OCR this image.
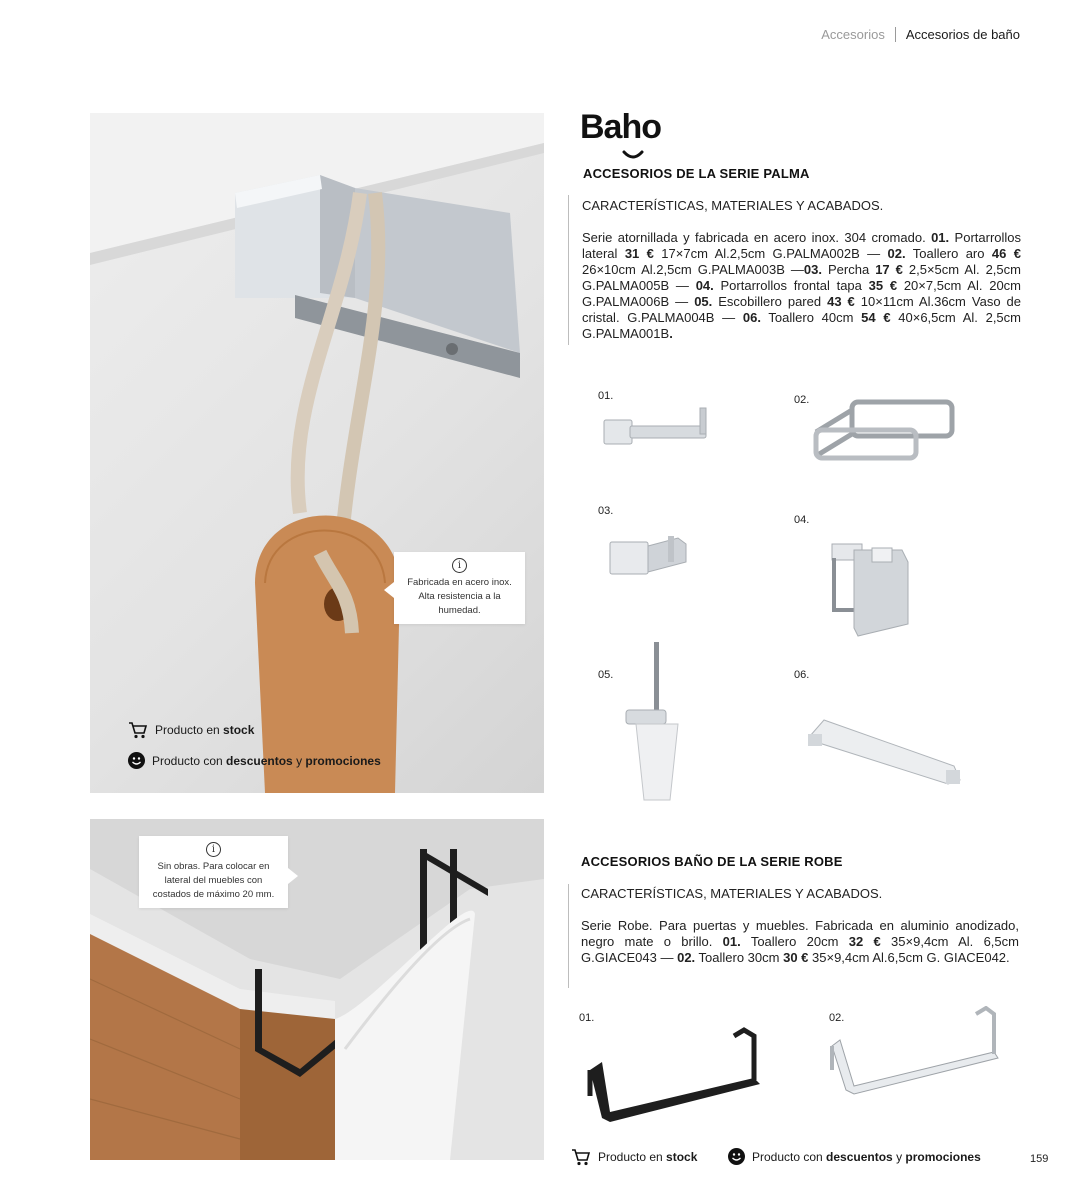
Accesorios Accesorios de baño
i
Fabricada en acero inox. Alta resistencia a la humedad.
Producto en stock
Producto con descuentos y promociones
i
Sin obras. Para colocar en lateral del muebles con costados de máximo 20 mm.
Baho
ACCESORIOS DE LA SERIE PALMA
CARACTERÍSTICAS, MATERIALES Y ACABADOS.
Serie atornillada y fabricada en acero inox. 304 cromado. 01. Portarrollos lateral 31 € 17×7cm Al.2,5cm G.PALMA002B — 02. Toallero aro 46 € 26×10cm Al.2,5cm G.PALMA003B —03. Percha 17 € 2,5×5cm Al. 2,5cm G.PALMA005B — 04. Portarrollos frontal tapa 35 € 20×7,5cm Al. 20cm G.PALMA006B — 05. Escobillero pared 43 € 10×11cm Al.36cm Vaso de cristal. G.PALMA004B — 06. Toallero 40cm 54 € 40×6,5cm Al. 2,5cm G.PALMA001B.
01.	02.
03.
04.
05.	06.
ACCESORIOS BAÑO DE LA SERIE ROBE
CARACTERÍSTICAS, MATERIALES Y ACABADOS.
Serie Robe. Para puertas y muebles. Fabricada en aluminio anodizado, negro mate o brillo. 01. Toallero 20cm 32 € 35×9,4cm Al. 6,5cm G.GIACE043 — 02. Toallero 30cm 30 € 35×9,4cm Al.6,5cm G. GIACE042.
01.	02.
Producto en stock	Producto con descuentos y promociones	159
